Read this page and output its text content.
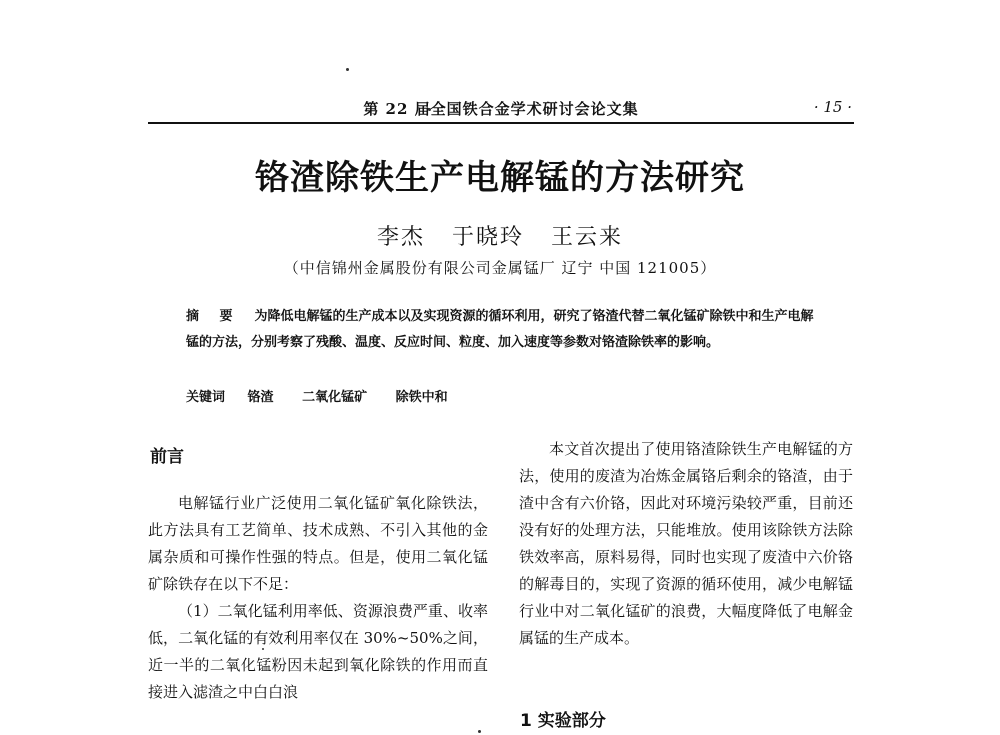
第 22 届全国铁合金学术研讨会论文集	· 15 ·
铬渣除铁生产电解锰的方法研究
李杰 于晓玲 王云来
（中信锦州金属股份有限公司金属锰厂 辽宁 中国 121005）
摘 要 为降低电解锰的生产成本以及实现资源的循环利用，研究了铬渣代替二氧化锰矿除铁中和生产电解锰的方法，分别考察了残酸、温度、反应时间、粒度、加入速度等参数对铬渣除铁率的影响。
关键词 铬渣 二氧化锰矿 除铁中和
前言

电解锰行业广泛使用二氧化锰矿氧化除铁法，此方法具有工艺简单、技术成熟、不引入其他的金属杂质和可操作性强的特点。但是，使用二氧化锰矿除铁存在以下不足：

（1）二氧化锰利用率低、资源浪费严重、收率低，二氧化锰的有效利用率仅在 30%~50%之间，近一半的二氧化锰粉因未起到氧化除铁的作用而直接进入滤渣之中白白浪

本文首次提出了使用铬渣除铁生产电解锰的方法，使用的废渣为冶炼金属铬后剩余的铬渣，由于渣中含有六价铬，因此对环境污染较严重，目前还没有好的处理方法，只能堆放。使用该除铁方法除铁效率高，原料易得，同时也实现了废渣中六价铬的解毒目的，实现了资源的循环使用，减少电解锰行业中对二氧化锰矿的浪费，大幅度降低了电解金属锰的生产成本。

1 实验部分
